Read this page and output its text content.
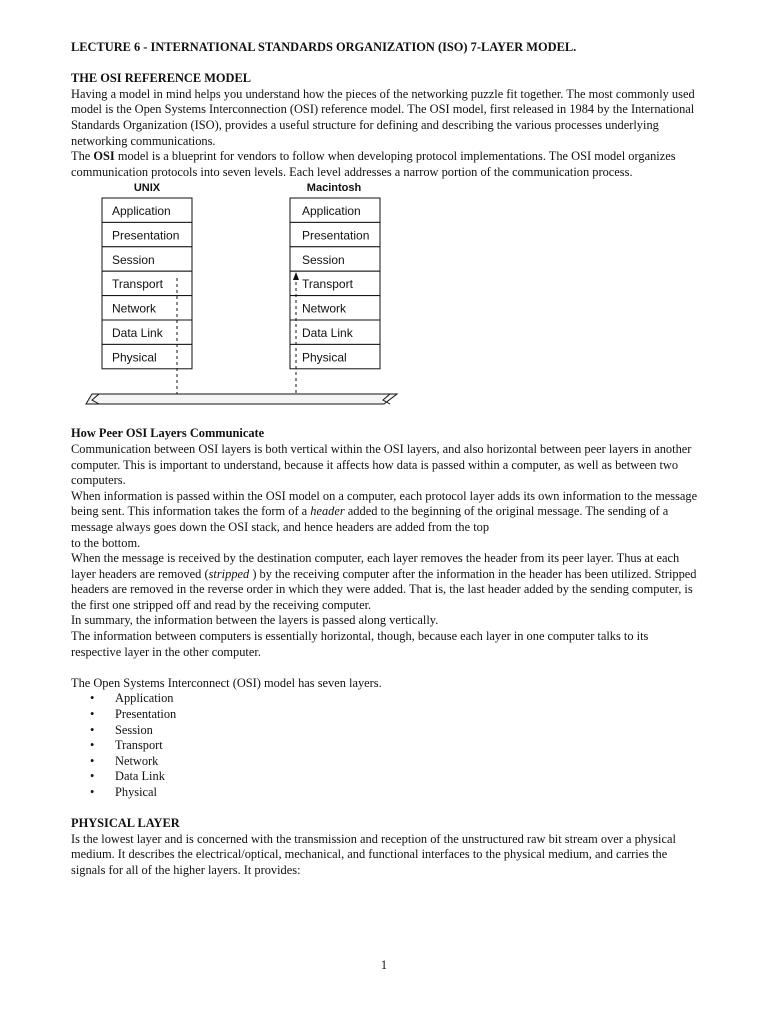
LECTURE 6 - INTERNATIONAL STANDARDS ORGANIZATION (ISO) 7-LAYER MODEL.

THE OSI REFERENCE MODEL

Having a model in mind helps you understand how the pieces of the networking puzzle fit together. The most commonly used model is the Open Systems Interconnection (OSI) reference model. The OSI model, first released in 1984 by the International Standards Organization (ISO), provides a useful structure for defining and describing the various processes underlying networking communications.

The OSI model is a blueprint for vendors to follow when developing protocol implementations. The OSI model organizes communication protocols into seven levels. Each level addresses a narrow portion of the communication process.

UNIX	Macintosh
Application
Presentation
Session
Transport
Network
Data Link
Physical
Application
Presentation
Session
Transport
Network
Data Link
Physical

How Peer OSI Layers Communicate

Communication between OSI layers is both vertical within the OSI layers, and also horizontal between peer layers in another computer. This is important to understand, because it affects how data is passed within a computer, as well as between two computers.

When information is passed within the OSI model on a computer, each protocol layer adds its own information to the message being sent. This information takes the form of a header added to the beginning of the original message. The sending of a message always goes down the OSI stack, and hence headers are added from the top

to the bottom.

When the message is received by the destination computer, each layer removes the header from its peer layer. Thus at each layer headers are removed (stripped ) by the receiving computer after the information in the header has been utilized. Stripped headers are removed in the reverse order in which they were added. That is, the last header added by the sending computer, is the first one stripped off and read by the receiving computer.

In summary, the information between the layers is passed along vertically.

The information between computers is essentially horizontal, though, because each layer in one computer talks to its respective layer in the other computer.

The Open Systems Interconnect (OSI) model has seven layers.

• Application
• Presentation
• Session
• Transport
• Network
• Data Link
• Physical

PHYSICAL LAYER

Is the lowest layer and is concerned with the transmission and reception of the unstructured raw bit stream over a physical medium. It describes the electrical/optical, mechanical, and functional interfaces to the physical medium, and carries the signals for all of the higher layers. It provides:

1
